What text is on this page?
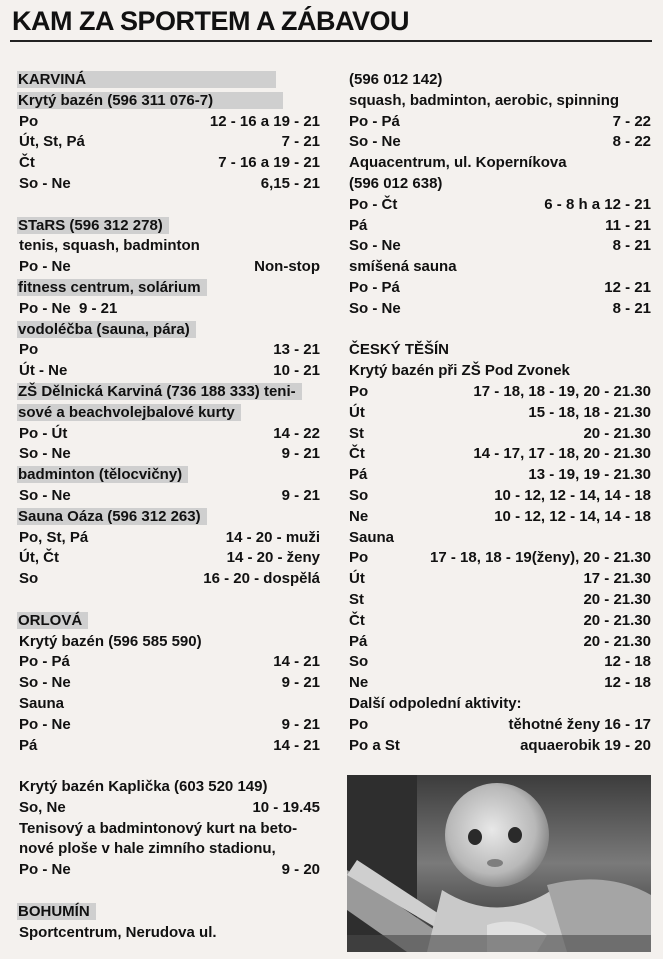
KAM ZA SPORTEM A ZÁBAVOU
KARVINÁ
Krytý bazén (596 311 076-7)
Po	12 - 16 a 19 - 21
Út, St, Pá	7 - 21
Čt	7 - 16 a 19 - 21
So - Ne	6,15 - 21
STaRS (596 312 278)
tenis, squash, badminton
Po - Ne	Non-stop
fitness centrum, solárium
Po - Ne 9 - 21
vodoléčba (sauna, pára)
Po	13 - 21
Út - Ne	10 - 21
ZŠ Dělnická Karviná (736 188 333) teni-
sové a beachvolejbalové kurty
Po - Út	14 - 22
So - Ne	9 - 21
badminton (tělocvičny)
So - Ne	9 - 21
Sauna Oáza (596 312 263)
Po, St, Pá	14 - 20 - muži
Út, Čt	14 - 20 - ženy
So	16 - 20 - dospělá
ORLOVÁ
Krytý bazén (596 585 590)
Po - Pá	14 - 21
So - Ne	9 - 21
Sauna
Po - Ne	9 - 21
Pá	14 - 21
Krytý bazén Kaplička (603 520 149)
So, Ne	10 - 19.45
Tenisový a badmintonový kurt na beto-
nové ploše v hale zimního stadionu,
Po - Ne	9 - 20
BOHUMÍN
Sportcentrum, Nerudova ul.
(596 012 142)
squash, badminton, aerobic, spinning
Po - Pá	7 - 22
So - Ne	8 - 22
Aquacentrum, ul. Koperníkova
(596 012 638)
Po - Čt	6 - 8 h a 12 - 21
Pá	11 - 21
So - Ne	8 - 21
smíšená sauna
Po - Pá	12 - 21
So - Ne	8 - 21
ČESKÝ TĚŠÍN
Krytý bazén při ZŠ Pod Zvonek
Po	17 - 18, 18 - 19, 20 - 21.30
Út	15 - 18, 18 - 21.30
St	20 - 21.30
Čt	14 - 17, 17 - 18, 20 - 21.30
Pá	13 - 19, 19 - 21.30
So	10 - 12, 12 - 14, 14 - 18
Ne	10 - 12, 12 - 14, 14 - 18
Sauna
Po	17 - 18, 18 - 19(ženy), 20 - 21.30
Út	17 - 21.30
St	20 - 21.30
Čt	20 - 21.30
Pá	20 - 21.30
So	12 - 18
Ne	12 - 18
Další odpolední aktivity:
Po	těhotné ženy 16 - 17
Po a St	aquaerobik 19 - 20
